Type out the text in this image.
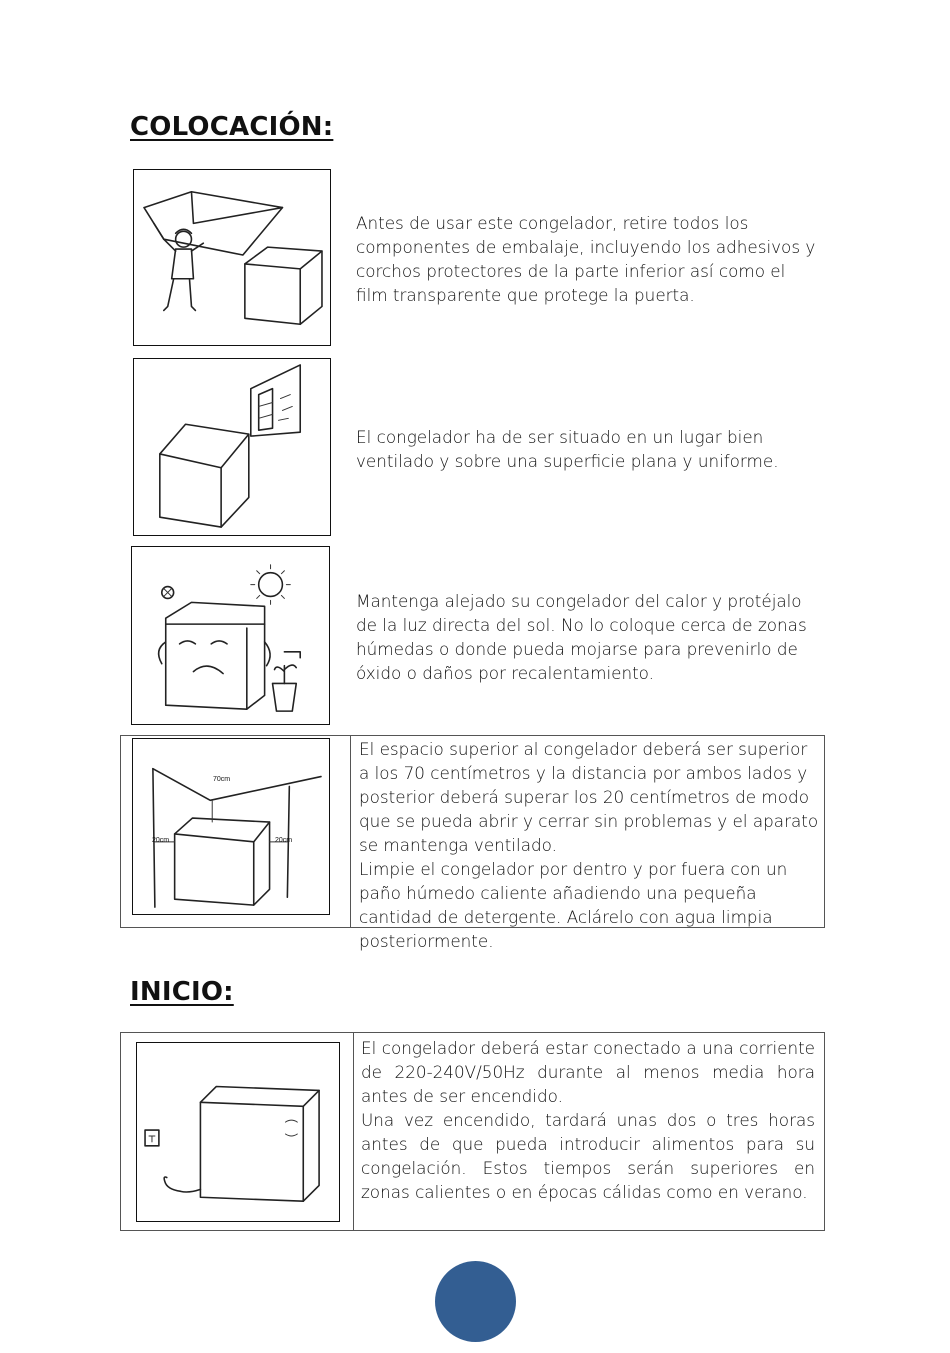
COLOCACIÓN:

Antes de usar este congelador, retire todos los componentes de embalaje, incluyendo los adhesivos y corchos protectores de la parte inferior así como el film transparente que protege la puerta.

El congelador ha de ser situado en un lugar bien ventilado y sobre una superficie plana y uniforme.

Mantenga alejado su congelador del calor y protéjalo de la luz directa del sol. No lo coloque cerca de zonas húmedas o donde pueda mojarse para prevenirlo de óxido o daños por recalentamiento.

70cm
20cm	20cm

El espacio superior al congelador deberá ser superior a los 70 centímetros y la distancia por ambos lados y posterior deberá superar los 20 centímetros de modo que se pueda abrir y cerrar sin problemas y el aparato se mantenga ventilado.

Limpie el congelador por dentro y por fuera con un paño húmedo caliente añadiendo una pequeña cantidad de detergente. Aclárelo con agua limpia posteriormente.

INICIO:

El congelador deberá estar conectado a una corriente de 220-240V/50Hz durante al menos media hora antes de ser encendido.

Una vez encendido, tardará unas dos o tres horas antes de que pueda introducir alimentos para su congelación. Estos tiempos serán superiores en zonas calientes o en épocas cálidas como en verano.
